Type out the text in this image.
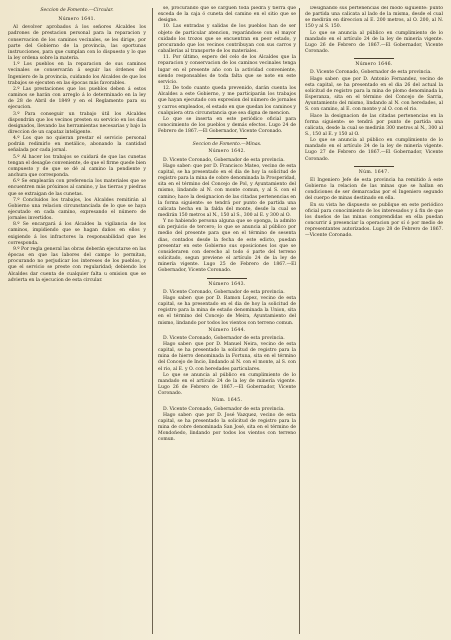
Seccion de Fomento.—Circular.
Número 1641.

Al devolver aprobados á los señores Alcaldes los padrones de prestacion personal para la reparacion y conservacion de los caminos vecinales, se les dirige, por parte del Gobierno de la provincia, las oportunas instrucciones, para que cumplan con lo dispuesto y lo que la ley ordena sobre la materia.

1.º Los pueblos en la reparacion de sus caminos vecinales se conservarán á seguir las órdenes del Ingeniero de la provincia, cuidando los Alcaldes de que los trabajos se ejecuten en las épocas más favorables.

2.º Las prestaciones que los pueblos deben á estos caminos se harán con arreglo á lo determinado en la ley de 28 de Abril de 1849 y en el Reglamento para su ejecucion.

3.º Para conseguir un trabajo útil los Alcaldes dispondrán que los vecinos presten su servicio en los dias designados, llevando las herramientas necesarias y bajo la direccion de un capataz inteligente.

4.º Los que no quieran prestar el servicio personal podrán redimirlo en metálico, abonando la cantidad señalada por cada jornal.

5.º Al hacer los trabajos se cuidará de que las cunetas tengan el desagüe conveniente, de que el firme quede bien compuesto y de que se dé al camino la pendiente y anchura que corresponda.

6.º Se emplearán con preferencia los materiales que se encuentren más próximos al camino, y las tierras y piedras que se extraigan de las cunetas.

7.º Concluidos los trabajos, los Alcaldes remitirán al Gobierno una relacion circunstanciada de lo que se haya ejecutado en cada camino, expresando el número de jornales invertidos.

8.º Se encargará á los Alcaldes la vigilancia de los caminos, impidiendo que se hagan daños en ellos y exigiendo á los infractores la responsabilidad que les corresponda.

9.º Por regla general las obras deberán ejecutarse en las épocas en que las labores del campo lo permitan, procurando no perjudicar los intereses de los pueblos, y que el servicio se preste con regularidad; debiendo los Alcaldes dar cuenta de cualquier falta u omision que se advierta en la ejecucion de esta circular.

se, procurando que se carguen toda piedra y tierra que exceda de la caja ó cuneta del camino en el sitio que se designe.

10. Las entradas y salidas de los pueblos han de ser objeto de particular atencion, reparándose con el mayor cuidado los trozos que se encuentran en peor estado, y procurando que los vecinos contribuyan con sus carros y caballerías al transporte de los materiales.

11. Por último, espero del celo de los Alcaldes que la reparacion y conservacion de los caminos vecinales tenga lugar en el presente año con la actividad conveniente, siendo responsables de toda falta que se note en este servicio.

12. De todo cuanto queda prevenido, darán cuenta los Alcaldes a este Gobierno, y me participarán los trabajos que hayan ejecutado con expresion del número de jornales y carros empleados, el estado en que quedan los caminos y cualquiera otra circunstancia que sea digna de mencion.

Lo que se inserta en este periódico oficial para conocimiento de los pueblos y demás efectos. Lugo 24 de Febrero de 1867.—El Gobernador, Vicente Coronado.

Seccion de Fomento.—Minas.
Número 1642.

D. Vicente Coronado, Gobernador de esta provincia.

Hago saber: que por D. Francisco Mateo, vecino de esta capital, se ha presentado en el dia de hoy la solicitud de registro para la mina de cobre denominada la Prosperidad, sita en el término del Concejo de Pol, y Ayuntamiento del mismo, lindando al N. con monte comun, y al S. con el camino; hace la designacion de las citadas pertenencias en la forma siguiente: se tendrá por punto de partida una calicata hecha en la falda del monte, desde la cual se medirán 150 metros al N., 150 al S., 300 al E. y 300 al O.

Y no habiendo persona alguna que se oponga, la admito sin perjuicio de tercero; lo que se anuncia al público por medio del presente para que en el término de sesenta dias, contados desde la fecha de este edicto, puedan presentar en este Gobierno sus oposiciones los que se consideraren con derecho al todo ó parte del terreno solicitado, segun previene el artículo 24 de la ley de minería vigente. Lugo 25 de Febrero de 1867.—El Gobernador, Vicente Coronado.

Número 1643.

D. Vicente Coronado, Gobernador de esta provincia.

Hago saber: que por D. Ramon Lopez, vecino de esta capital, se ha presentado en el dia de hoy la solicitud de registro para la mina de estaño denominada la Union, sita en el término del Concejo de Meira, Ayuntamiento del mismo, lindando por todos los vientos con terreno comun.

Número 1644.

D. Vicente Coronado, Gobernador de esta provincia.

Hago saber: que por D. Manuel Neira, vecino de esta capital, se ha presentado la solicitud de registro para la mina de hierro denominada la Fortuna, sita en el término del Concejo de Incio, lindando al N. con el monte, al S. con el rio, al E. y O. con heredades particulares.

Lo que se anuncia al público en cumplimiento de lo mandado en el artículo 24 de la ley de minería vigente. Lugo 26 de Febrero de 1867.—El Gobernador, Vicente Coronado.

Núm. 1645.

D. Vicente Coronado, Gobernador de esta provincia.

Hago saber: que por D. José Vazquez, vecino de esta capital, se ha presentado la solicitud de registro para la mina de cobre denominada San José, sita en el término de Mondoñedo, lindando por todos los vientos con terreno comun.

Designando sus pertenencias del modo siguiente: punto de partida una calicata al lado de la misma, desde el cual se medirán en direccion al E. 200 metros, al O. 200, al N. 150 y al S. 150.

Lo que se anuncia al público en cumplimiento de lo mandado en el artículo 24 de la ley de minería vigente. Lugo 26 de Febrero de 1867.—El Gobernador, Vicente Coronado.

Número 1646.

D. Vicente Coronado, Gobernador de esta provincia.

Hago saber: que por D. Antonio Fernandez, vecino de esta capital, se ha presentado en el dia 26 del actual la solicitud de registro para la mina de plomo denominada la Esperanza, sita en el término del Concejo de Sarria, Ayuntamiento del mismo, lindando al N. con heredades, al S. con camino, al E. con monte y al O. con el rio.

Hace la designacion de las citadas pertenencias en la forma siguiente: se tendrá por punto de partida una calicata, desde la cual se medirán 300 metros al N., 300 al S., 150 al E. y 150 al O.

Lo que se anuncia al público en cumplimiento de lo mandado en el artículo 24 de la ley de minería vigente. Lugo 27 de Febrero de 1867.—El Gobernador, Vicente Coronado.

Núm. 1647.

El Ingeniero Jefe de esta provincia ha remitido á este Gobierno la relacion de las minas que se hallan en condiciones de ser demarcadas por el Ingeniero segundo del cuerpo de minas destinado en ella.

En su vista he dispuesto se publique en este periódico oficial para conocimiento de los interesados y á fin de que los dueños de las minas comprendidas en ella puedan concurrir á presenciar la operacion por sí ó por medio de representantes autorizados. Lugo 28 de Febrero de 1867.—Vicente Coronado.
